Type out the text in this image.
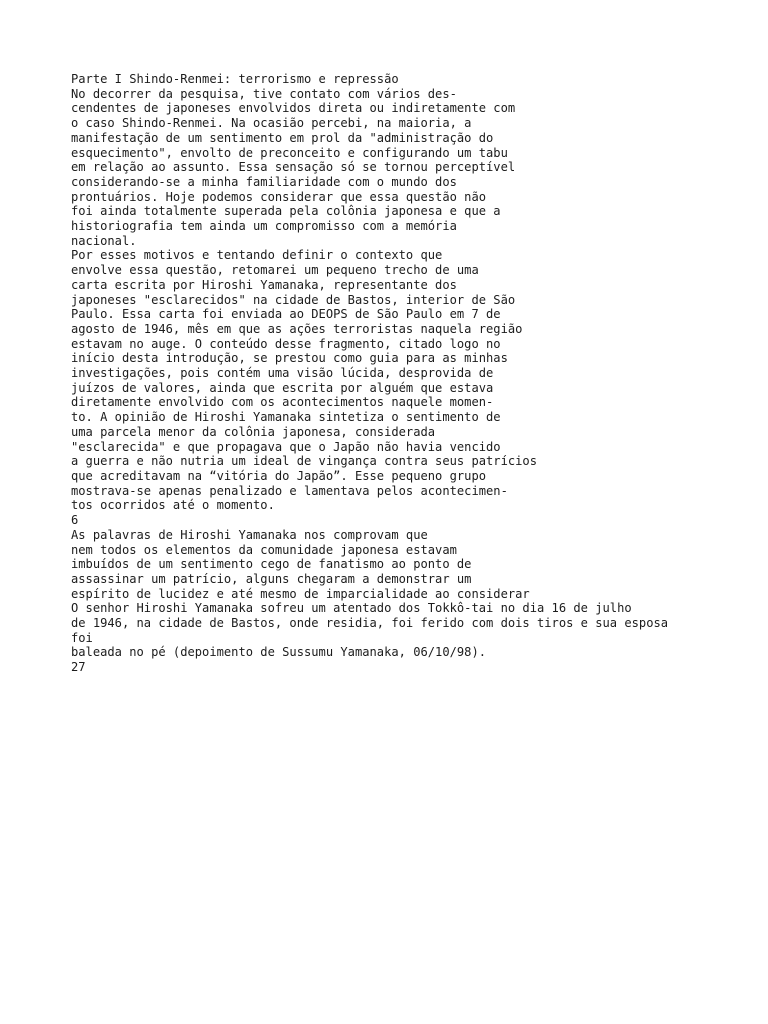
Parte I Shindo-Renmei: terrorismo e repressão
No decorrer da pesquisa, tive contato com vários des-
cendentes de japoneses envolvidos direta ou indiretamente com
o caso Shindo-Renmei. Na ocasião percebi, na maioria, a
manifestação de um sentimento em prol da "administração do
esquecimento", envolto de preconceito e configurando um tabu
em relação ao assunto. Essa sensação só se tornou perceptível
considerando-se a minha familiaridade com o mundo dos
prontuários. Hoje podemos considerar que essa questão não
foi ainda totalmente superada pela colônia japonesa e que a
historiografia tem ainda um compromisso com a memória
nacional.
Por esses motivos e tentando definir o contexto que
envolve essa questão, retomarei um pequeno trecho de uma
carta escrita por Hiroshi Yamanaka, representante dos
japoneses "esclarecidos" na cidade de Bastos, interior de São
Paulo. Essa carta foi enviada ao DEOPS de São Paulo em 7 de
agosto de 1946, mês em que as ações terroristas naquela região
estavam no auge. O conteúdo desse fragmento, citado logo no
início desta introdução, se prestou como guia para as minhas
investigações, pois contém uma visão lúcida, desprovida de
juízos de valores, ainda que escrita por alguém que estava
diretamente envolvido com os acontecimentos naquele momen-
to. A opinião de Hiroshi Yamanaka sintetiza o sentimento de
uma parcela menor da colônia japonesa, considerada
"esclarecida" e que propagava que o Japão não havia vencido
a guerra e não nutria um ideal de vingança contra seus patrícios
que acreditavam na “vitória do Japão”. Esse pequeno grupo
mostrava-se apenas penalizado e lamentava pelos acontecimen-
tos ocorridos até o momento.
6
As palavras de Hiroshi Yamanaka nos comprovam que
nem todos os elementos da comunidade japonesa estavam
imbuídos de um sentimento cego de fanatismo ao ponto de
assassinar um patrício, alguns chegaram a demonstrar um
espírito de lucidez e até mesmo de imparcialidade ao considerar
O senhor Hiroshi Yamanaka sofreu um atentado dos Tokkô-tai no dia 16 de julho
de 1946, na cidade de Bastos, onde residia, foi ferido com dois tiros e sua esposa
foi
baleada no pé (depoimento de Sussumu Yamanaka, 06/10/98).
27
